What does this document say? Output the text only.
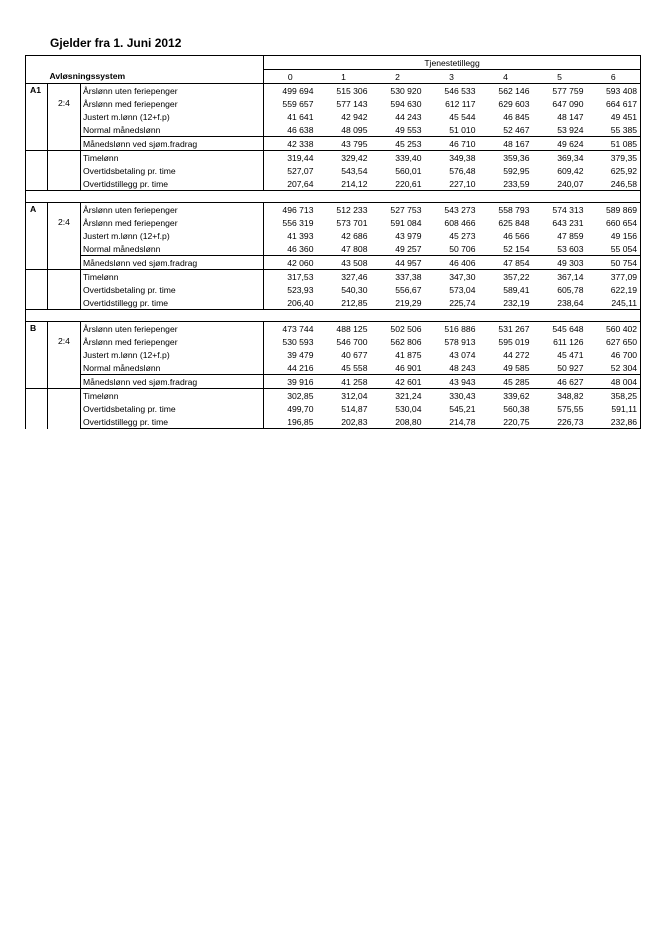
Gjelder fra 1. Juni 2012
			Tjenestetillegg						
	Avløsningssystem		0	1	2	3	4	5	6
A1	2:4	Årslønn uten feriepenger	499 694	515 306	530 920	546 533	562 146	577 759	593 408
		Årslønn med feriepenger	559 657	577 143	594 630	612 117	629 603	647 090	664 617
		Justert m.lønn (12+f.p)	41 641	42 942	44 243	45 544	46 845	48 147	49 451
		Normal månedslønn	46 638	48 095	49 553	51 010	52 467	53 924	55 385
		Månedslønn ved sjøm.fradrag	42 338	43 795	45 253	46 710	48 167	49 624	51 085
		Timelønn	319,44	329,42	339,40	349,38	359,36	369,34	379,35
		Overtidsbetaling pr. time	527,07	543,54	560,01	576,48	592,95	609,42	625,92
		Overtidstillegg pr. time	207,64	214,12	220,61	227,10	233,59	240,07	246,58

A	2:4	Årslønn uten feriepenger	496 713	512 233	527 753	543 273	558 793	574 313	589 869
		Årslønn med feriepenger	556 319	573 701	591 084	608 466	625 848	643 231	660 654
		Justert m.lønn (12+f.p)	41 393	42 686	43 979	45 273	46 566	47 859	49 156
		Normal månedslønn	46 360	47 808	49 257	50 706	52 154	53 603	55 054
		Månedslønn ved sjøm.fradrag	42 060	43 508	44 957	46 406	47 854	49 303	50 754
		Timelønn	317,53	327,46	337,38	347,30	357,22	367,14	377,09
		Overtidsbetaling pr. time	523,93	540,30	556,67	573,04	589,41	605,78	622,19
		Overtidstillegg pr. time	206,40	212,85	219,29	225,74	232,19	238,64	245,11

B	2:4	Årslønn uten feriepenger	473 744	488 125	502 506	516 886	531 267	545 648	560 402
		Årslønn med feriepenger	530 593	546 700	562 806	578 913	595 019	611 126	627 650
		Justert m.lønn (12+f.p)	39 479	40 677	41 875	43 074	44 272	45 471	46 700
		Normal månedslønn	44 216	45 558	46 901	48 243	49 585	50 927	52 304
		Månedslønn ved sjøm.fradrag	39 916	41 258	42 601	43 943	45 285	46 627	48 004
		Timelønn	302,85	312,04	321,24	330,43	339,62	348,82	358,25
		Overtidsbetaling pr. time	499,70	514,87	530,04	545,21	560,38	575,55	591,11
		Overtidstillegg pr. time	196,85	202,83	208,80	214,78	220,75	226,73	232,86
